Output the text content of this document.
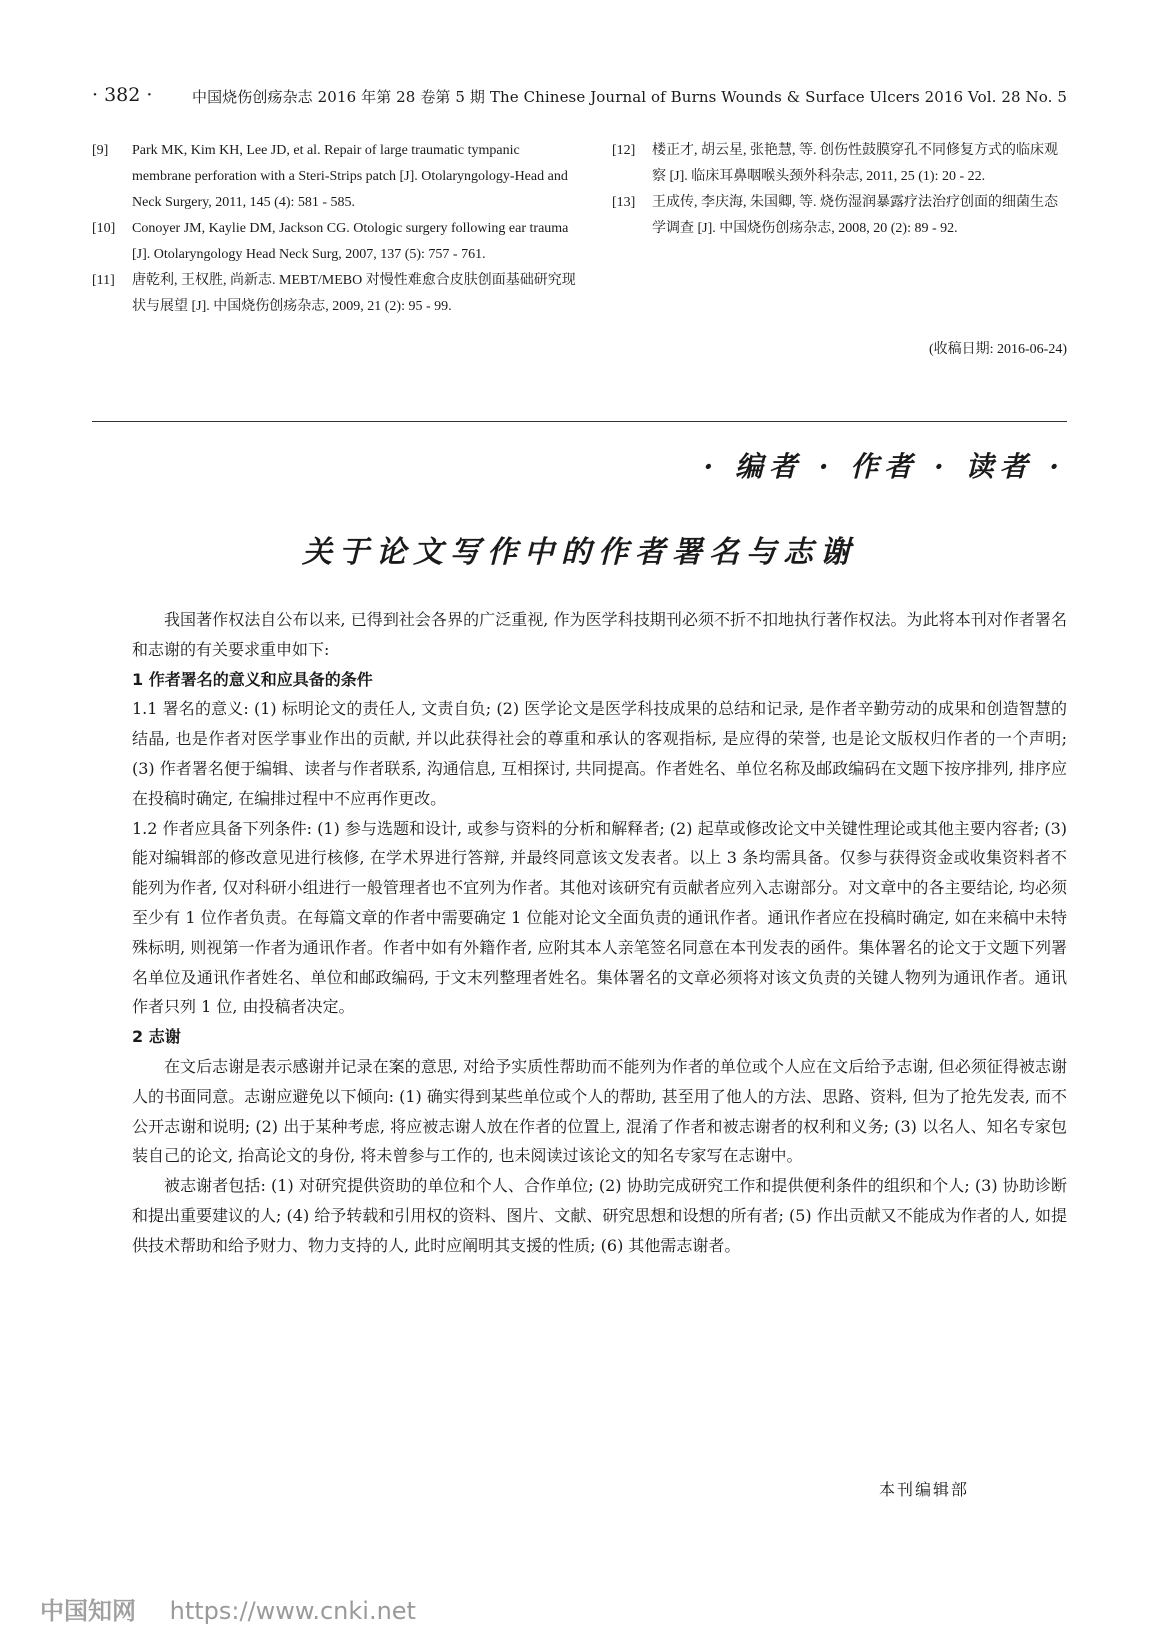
· 382 ·	中国烧伤创疡杂志 2016 年第 28 卷第 5 期 The Chinese Journal of Burns Wounds & Surface Ulcers 2016 Vol. 28 No. 5
[9]	Park MK, Kim KH, Lee JD, et al. Repair of large traumatic tympanic membrane perforation with a Steri-Strips patch [J]. Otolaryngology-Head and Neck Surgery, 2011, 145 (4): 581 - 585.
[10]	Conoyer JM, Kaylie DM, Jackson CG. Otologic surgery following ear trauma [J]. Otolaryngology Head Neck Surg, 2007, 137 (5): 757 - 761.
[11]	唐乾利, 王权胜, 尚新志. MEBT/MEBO 对慢性难愈合皮肤创面基础研究现状与展望 [J]. 中国烧伤创疡杂志, 2009, 21 (2): 95 - 99.
[12]	楼正才, 胡云星, 张艳慧, 等. 创伤性鼓膜穿孔不同修复方式的临床观察 [J]. 临床耳鼻咽喉头颈外科杂志, 2011, 25 (1): 20 - 22.
[13]	王成传, 李庆海, 朱国卿, 等. 烧伤湿润暴露疗法治疗创面的细菌生态学调查 [J]. 中国烧伤创疡杂志, 2008, 20 (2): 89 - 92.
(收稿日期: 2016-06-24)
· 编者 · 作者 · 读者 ·
关于论文写作中的作者署名与志谢

我国著作权法自公布以来, 已得到社会各界的广泛重视, 作为医学科技期刊必须不折不扣地执行著作权法。为此将本刊对作者署名和志谢的有关要求重申如下:

1 作者署名的意义和应具备的条件

1.1 署名的意义: (1) 标明论文的责任人, 文责自负; (2) 医学论文是医学科技成果的总结和记录, 是作者辛勤劳动的成果和创造智慧的结晶, 也是作者对医学事业作出的贡献, 并以此获得社会的尊重和承认的客观指标, 是应得的荣誉, 也是论文版权归作者的一个声明; (3) 作者署名便于编辑、读者与作者联系, 沟通信息, 互相探讨, 共同提高。作者姓名、单位名称及邮政编码在文题下按序排列, 排序应在投稿时确定, 在编排过程中不应再作更改。

1.2 作者应具备下列条件: (1) 参与选题和设计, 或参与资料的分析和解释者; (2) 起草或修改论文中关键性理论或其他主要内容者; (3) 能对编辑部的修改意见进行核修, 在学术界进行答辩, 并最终同意该文发表者。以上 3 条均需具备。仅参与获得资金或收集资料者不能列为作者, 仅对科研小组进行一般管理者也不宜列为作者。其他对该研究有贡献者应列入志谢部分。对文章中的各主要结论, 均必须至少有 1 位作者负责。在每篇文章的作者中需要确定 1 位能对论文全面负责的通讯作者。通讯作者应在投稿时确定, 如在来稿中未特殊标明, 则视第一作者为通讯作者。作者中如有外籍作者, 应附其本人亲笔签名同意在本刊发表的函件。集体署名的论文于文题下列署名单位及通讯作者姓名、单位和邮政编码, 于文末列整理者姓名。集体署名的文章必须将对该文负责的关键人物列为通讯作者。通讯作者只列 1 位, 由投稿者决定。

2 志谢

在文后志谢是表示感谢并记录在案的意思, 对给予实质性帮助而不能列为作者的单位或个人应在文后给予志谢, 但必须征得被志谢人的书面同意。志谢应避免以下倾向: (1) 确实得到某些单位或个人的帮助, 甚至用了他人的方法、思路、资料, 但为了抢先发表, 而不公开志谢和说明; (2) 出于某种考虑, 将应被志谢人放在作者的位置上, 混淆了作者和被志谢者的权利和义务; (3) 以名人、知名专家包装自己的论文, 抬高论文的身份, 将未曾参与工作的, 也未阅读过该论文的知名专家写在志谢中。

被志谢者包括: (1) 对研究提供资助的单位和个人、合作单位; (2) 协助完成研究工作和提供便利条件的组织和个人; (3) 协助诊断和提出重要建议的人; (4) 给予转载和引用权的资料、图片、文献、研究思想和设想的所有者; (5) 作出贡献又不能成为作者的人, 如提供技术帮助和给予财力、物力支持的人, 此时应阐明其支援的性质; (6) 其他需志谢者。

本刊编辑部
中国知网 https://www.cnki.net
